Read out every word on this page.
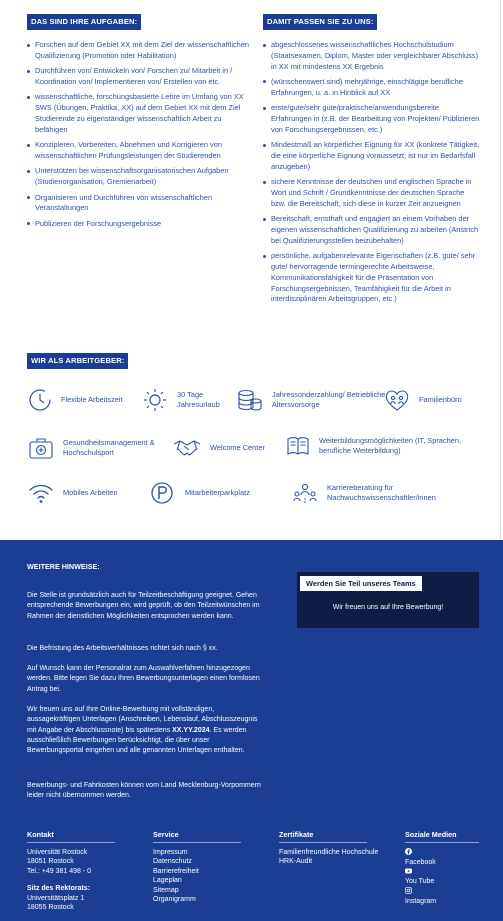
DAS SIND IHRE AUFGABEN:	DAMIT PASSEN SIE ZU UNS:
Forschen auf dem Gebiet XX mit dem Ziel der wissenschaftlichen Qualifizierung (Promotion oder Habilitation)
Durchführen von/ Entwickeln von/ Forschen zu/ Mitarbeit in / Koordination von/ Implementieren von/ Erstellen von etc.
wissenschaftliche, forschungsbasierte Lehre im Umfang von XX SWS (Übungen, Praktika, XX) auf dem Gebiet XX mit dem Ziel Studierende zu eigenständiger wissenschaftlich Arbeit zu befähigen
Konzipieren, Vorbereiten, Abnehmen und Korrigieren von wissenschaftlichen Prüfungsleistungen der Studierenden
Unterstützen bei wissenschaftsorganisatorischen Aufgaben (Studienorganisation, Gremienarbeit)
Organisieren und Durchführen von wissenschaftlichen Veranstaltungen
Publizieren der Forschungsergebnisse
abgeschlossenes wissenschaftliches Hochschulstudium (Staatsexamen, Diplom, Master oder vergleichbarer Abschluss) in XX mit mindestens XX Ergebnis
(wünschenswert sind) mehrjährige, einschlägige berufliche Erfahrungen, u. a. in Hinblick auf XX
erste/gute/sehr gute/praktische/anwendungsbereite Erfahrungen in (z.B. der Bearbeitung von Projekten/ Publizieren von Forschungsergebnissen, etc.)
Mindestmaß an körperlicher Eignung für XX (konkrete Tätigkeit, die eine körperliche Eignung voraussetzt; ist nur im Bedarfsfall anzugeben)
sichere Kenntnisse der deutschen und englischen Sprache in Wort und Schrift / Grundkenntnisse der deutschen Sprache bzw. die Bereitschaft, sich diese in kurzer Zeit anzueignen
Bereitschaft, ernsthaft und engagiert an einem Vorhaben der eigenen wissenschaftlichen Qualifizierung zu arbeiten (Anstrich bei Qualifizierungsstellen beizubehalten)
persönliche, aufgabenrelevante Eigenschaften (z.B. gute/ sehr gute/ hervorragende termingerechte Arbeitsweise, Kommunikationsfähigkeit für die Präsentation von Forschungsergebnissen, Teamfähigkeit für die Arbeit in interdisziplinären Arbeitsgruppen, etc.)
WIR ALS ARBEITGEBER:
Flexible Arbeitszeit
30 Tage Jahresurlaub
Jahressonderzahlung/ Betriebliche Altersvorsorge
Familienbüro
Gesundheitsmanagement & Hochschulsport
Welcome Center
Weiterbildungsmöglichkeiten (IT, Sprachen, berufliche Weiterbildung)
Mobiles Arbeiten	Mitarbeiterparkplatz
Karriereberatung für Nachwuchswissenschaftler/innen
WEITERE HINWEISE:
Die Stelle ist grundsätzlich auch für Teilzeitbeschäftigung geeignet. Gehen entsprechende Bewerbungen ein, wird geprüft, ob den Teilzeitwünschen im Rahmen der dienstlichen Möglichkeiten entsprochen werden kann.
Die Befristung des Arbeitsverhältnisses richtet sich nach § xx.
Auf Wunsch kann der Personalrat zum Auswahlverfahren hinzugezogen werden. Bitte legen Sie dazu Ihren Bewerbungsunterlagen einen formlosen Antrag bei.
Wir freuen uns auf Ihre Online-Bewerbung mit vollständigen, aussagekräftigen Unterlagen (Anschreiben, Lebenslauf, Abschlusszeugnis mit Angabe der Abschlussnote) bis spätestens XX.YY.2024. Es werden ausschließlich Bewerbungen berücksichtigt, die über unser Bewerbungsportal eingehen und alle genannten Unterlagen enthalten.
Bewerbungs- und Fahrkosten können vom Land Mecklenburg-Vorpommern leider nicht übernommen werden.
Werden Sie Teil unseres Teams
Wir freuen uns auf Ihre Bewerbung!
Kontakt
Universität Rostock
18051 Rostock
Tel.: +49 381 498 - 0
Sitz des Rektorats:
Universitätsplatz 1
18055 Rostock
Service
Impressum
Datenschutz
Barrierefreiheit
Lageplan
Sitemap
Organigramm
Zertifikate
Familienfreundliche Hochschule
HRK-Audit
Soziale Medien
Facebook
You Tube
Instagram
